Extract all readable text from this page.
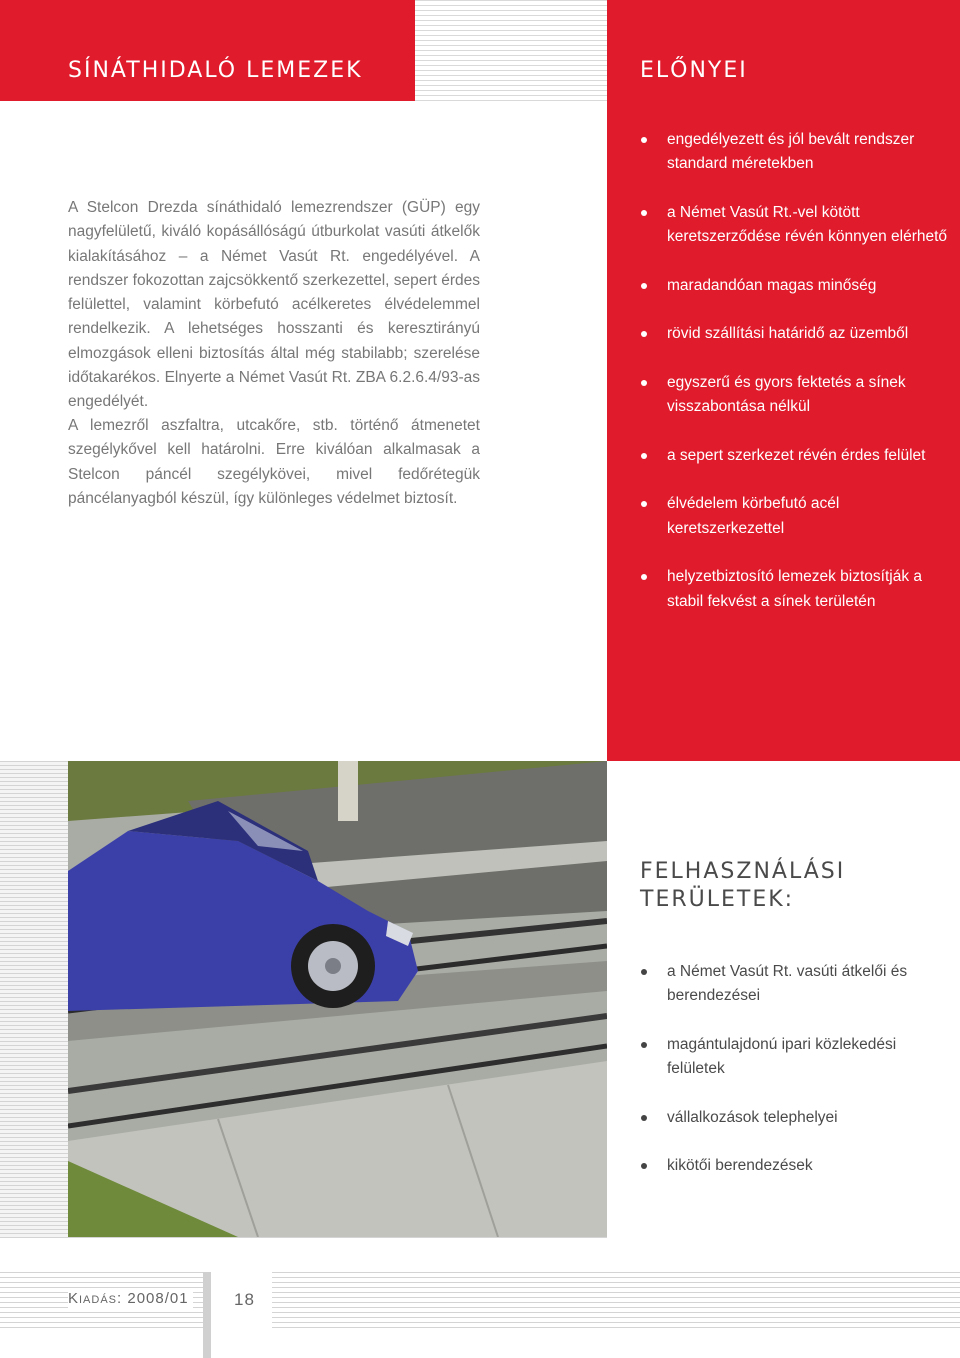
SÍNÁTHIDALÓ LEMEZEK	ELŐNYEI

A Stelcon Drezda sínáthidaló lemezrendszer (GÜP) egy nagyfelületű, kiváló kopásállóságú útburkolat vasúti átkelők kialakításához – a Német Vasút Rt. engedélyével. A rendszer fokozottan zajcsökkentő szerkezettel, sepert érdes felülettel, valamint körbefutó acélkeretes élvédelemmel rendelkezik. A lehetséges hosszanti és keresztirányú elmozgások elleni biztosítás által még stabilabb; szerelése időtakarékos. Elnyerte a Német Vasút Rt. ZBA 6.2.6.4/93-as engedélyét.

A lemezről aszfaltra, utcakőre, stb. történő átmenetet szegélykővel kell határolni. Erre kiválóan alkalmasak a Stelcon páncél szegélykövei, mivel fedőrétegük páncélanyagból készül, így különleges védelmet biztosít.

engedélyezett és jól bevált rendszer standard méretekben
a Német Vasút Rt.-vel kötött keretszerződése révén könnyen elérhető
maradandóan magas minőség
rövid szállítási határidő az üzemből
egyszerű és gyors fektetés a sínek visszabontása nélkül
a sepert szerkezet révén érdes felület
élvédelem körbefutó acél keretszerkezettel
helyzetbiztosító lemezek biztosítják a stabil fekvést a sínek területén
FELHASZNÁLÁSI
TERÜLETEK:
a Német Vasút Rt. vasúti átkelői és berendezései
magántulajdonú ipari közlekedési felületek
vállalkozások telephelyei
kikötői berendezések
Kiadás: 2008/01	18
